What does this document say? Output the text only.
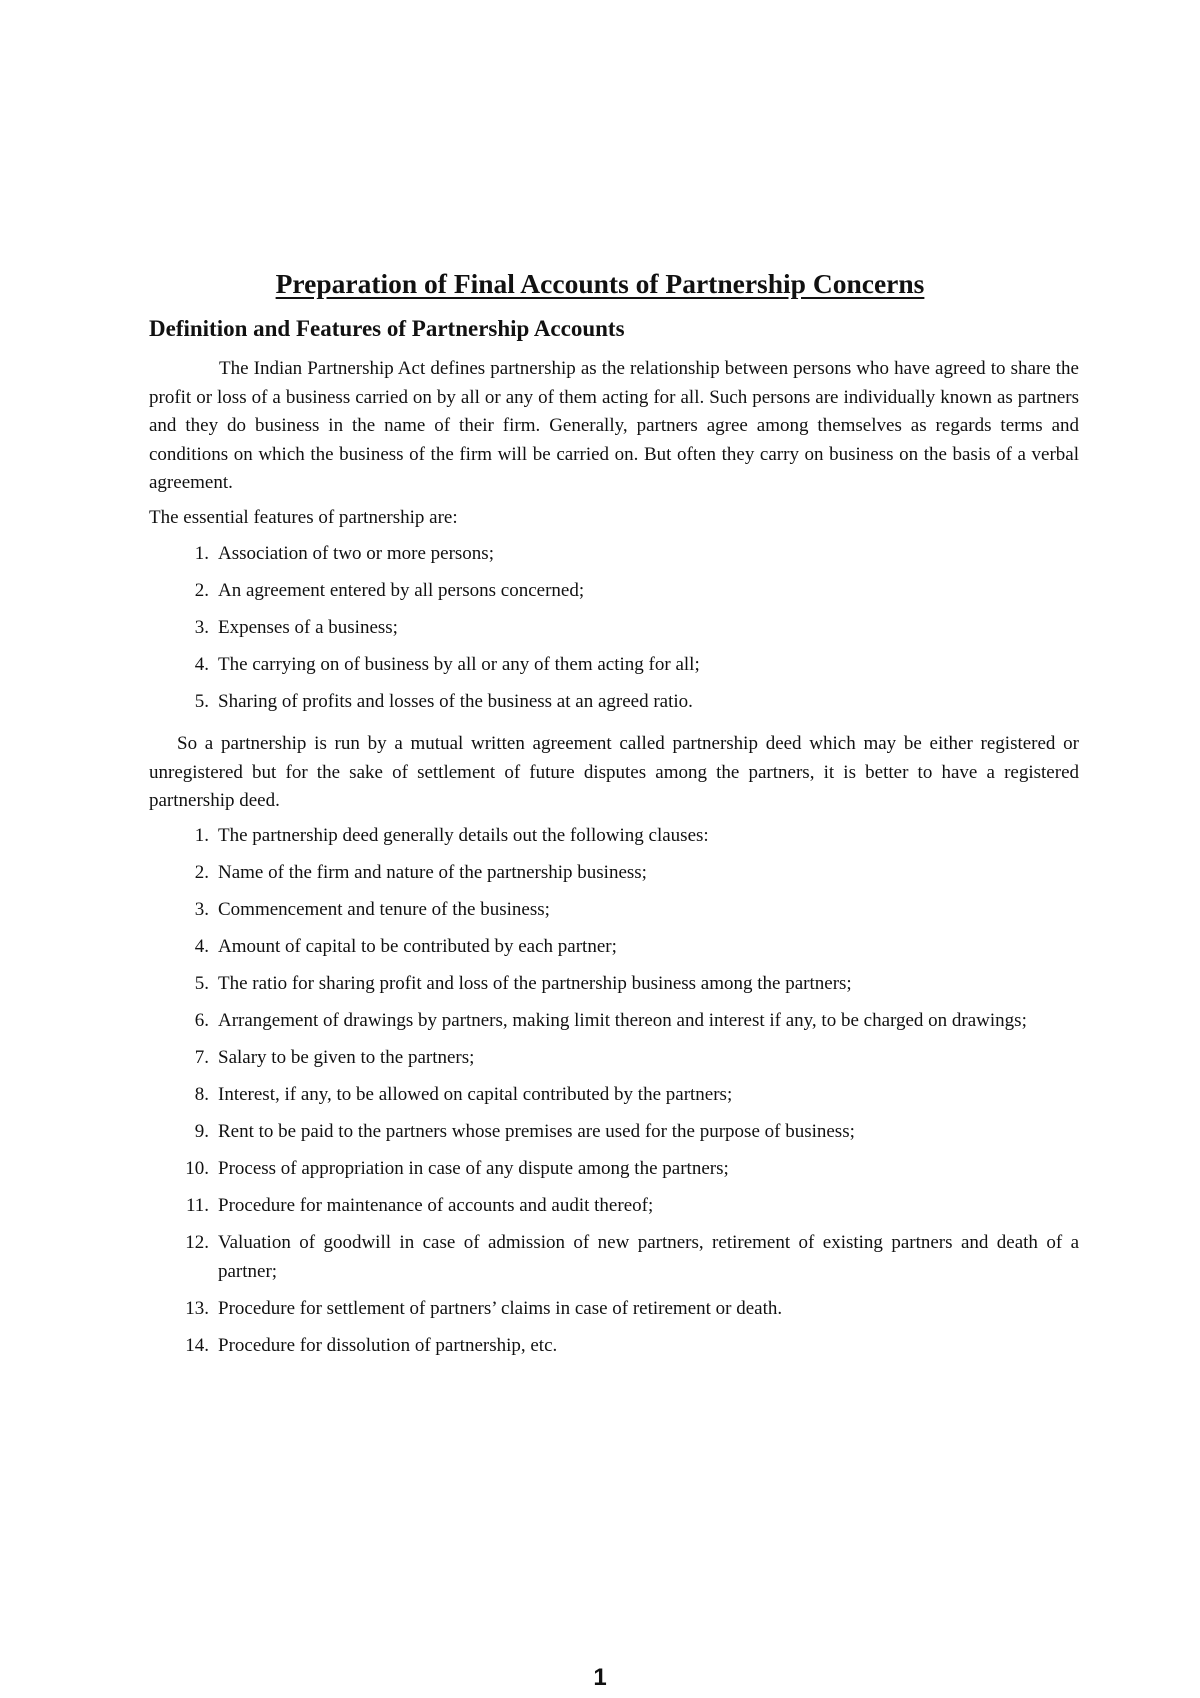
Preparation of Final Accounts of Partnership Concerns
Definition and Features of Partnership Accounts

The Indian Partnership Act defines partnership as the relationship between persons who have agreed to share the profit or loss of a business carried on by all or any of them acting for all. Such persons are individually known as partners and they do business in the name of their firm. Generally, partners agree among themselves as regards terms and conditions on which the business of the firm will be carried on. But often they carry on business on the basis of a verbal agreement.

The essential features of partnership are:

1. Association of two or more persons;
2. An agreement entered by all persons concerned;
3. Expenses of a business;
4. The carrying on of business by all or any of them acting for all;
5. Sharing of profits and losses of the business at an agreed ratio.

So a partnership is run by a mutual written agreement called partnership deed which may be either registered or unregistered but for the sake of settlement of future disputes among the partners, it is better to have a registered partnership deed.

1. The partnership deed generally details out the following clauses:
2. Name of the firm and nature of the partnership business;
3. Commencement and tenure of the business;
4. Amount of capital to be contributed by each partner;
5. The ratio for sharing profit and loss of the partnership business among the partners;
6. Arrangement of drawings by partners, making limit thereon and interest if any, to be charged on drawings;
7. Salary to be given to the partners;
8. Interest, if any, to be allowed on capital contributed by the partners;
9. Rent to be paid to the partners whose premises are used for the purpose of business;
10. Process of appropriation in case of any dispute among the partners;
11. Procedure for maintenance of accounts and audit thereof;
12. Valuation of goodwill in case of admission of new partners, retirement of existing partners and death of a partner;
13. Procedure for settlement of partners’ claims in case of retirement or death.
14. Procedure for dissolution of partnership, etc.
1
